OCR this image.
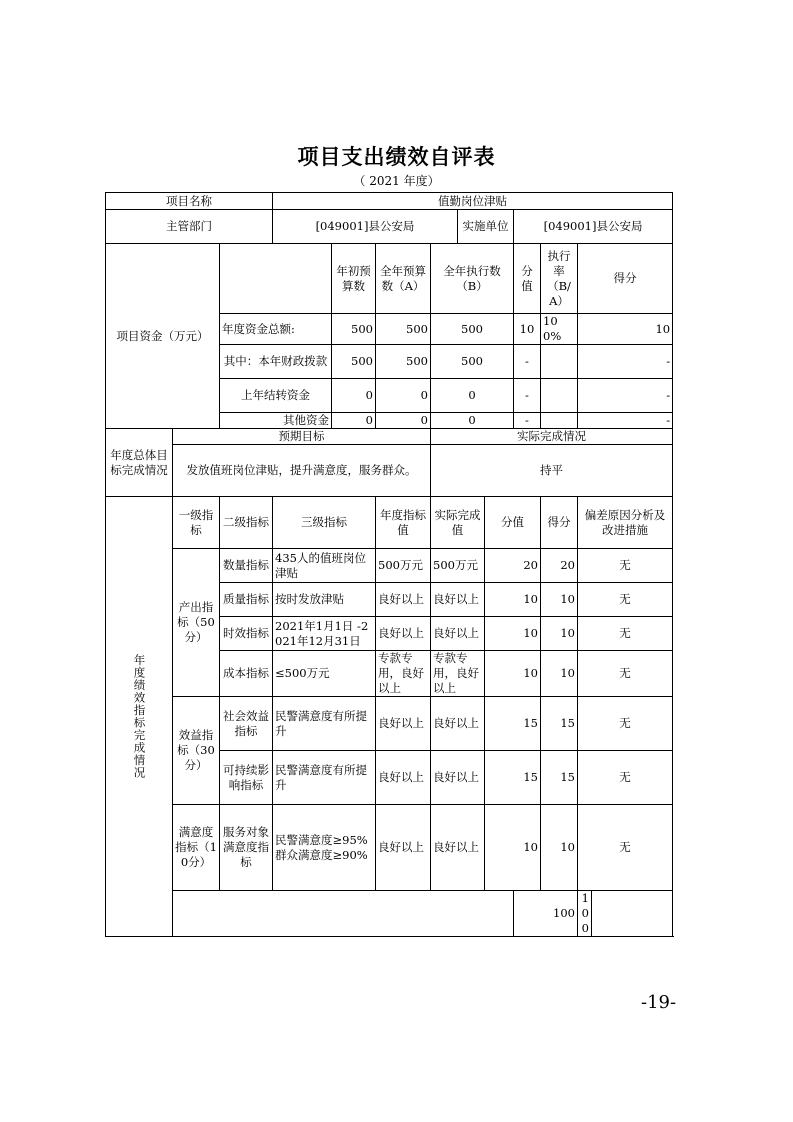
项目支出绩效自评表
（ 2021 年度）
项目名称			值勤岗位津贴									
主管部门			[049001]县公安局				实施单位		[049001]县公安局			
项目资金（万元）				年初预算数	全年预算数（A）	全年执行数（B）			分值	执行率（B/A）	得分	
		年度资金总额:		500	500	500			10	100%	10	
		其中：本年财政拨款		500	500	500			-		-	
		上年结转资金		0	0	0			-		-	
		其他资金		0	0	0			-		-	
年度总体目标完成情况	预期目标					实际完成情况						
	发放值班岗位津贴，提升满意度，服务群众。					持平						

年度绩效指标完成情况	一级指标	二级指标	三级指标		年度指标值	实际完成值		分值		得分	偏差原因分析及改进措施	
	产出指标（50分）	数量指标	435人的值班岗位津贴		500万元	500万元		20		20	无	
		质量指标	按时发放津贴		良好以上	良好以上		10		10	无	
		时效指标	2021年1月1日 -2021年12月31日		良好以上	良好以上		10		10	无	
		成本指标	≤500万元		专款专用，良好以上	专款专用，良好以上		10		10	无	
	效益指标（30分）	社会效益指标	民警满意度有所提升		良好以上	良好以上		15		15	无	
		可持续影响指标	民警满意度有所提升		良好以上	良好以上		15		15	无	
	满意度指标（10分）	服务对象满意度指标	民警满意度≥95% 群众满意度≥90%		良好以上	良好以上		10		10	无	
									100		100	
-19-
